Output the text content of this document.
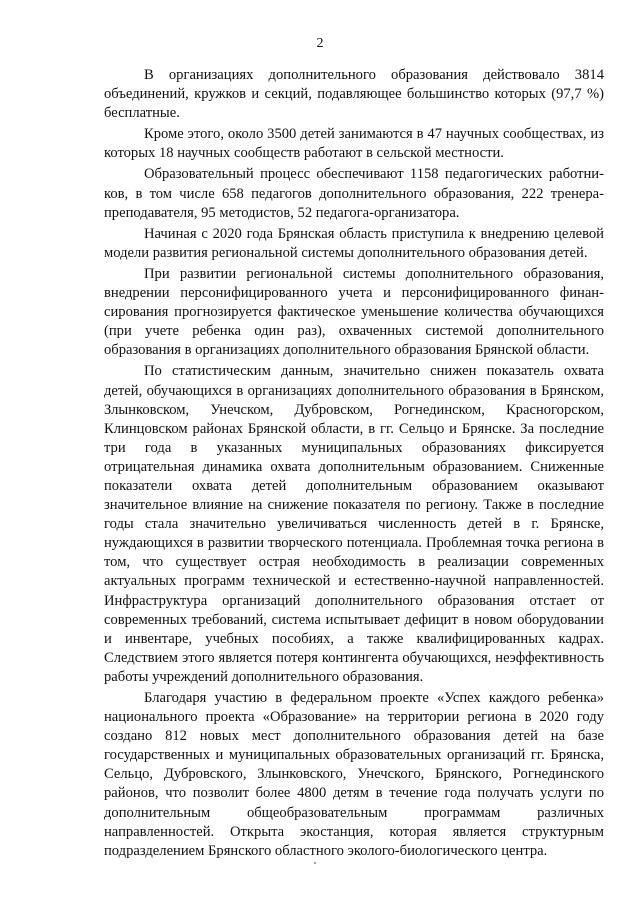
2

В организациях дополнительного образования действовало 3814 объединений, кружков и секций, подавляющее большинство которых (97,7 %) бесплатные.

Кроме этого, около 3500 детей занимаются в 47 научных сообществах, из которых 18 научных сообществ работают в сельской местности.

Образовательный процесс обеспечивают 1158 педагогических работников, в том числе 658 педагогов дополнительного образования, 222 тренера-преподавателя, 95 методистов, 52 педагога-организатора.

Начиная с 2020 года Брянская область приступила к внедрению целевой модели развития региональной системы дополнительного образования детей.

При развитии региональной системы дополнительного образования, внедрении персонифицированного учета и персонифицированного финансирования прогнозируется фактическое уменьшение количества обучающихся (при учете ребенка один раз), охваченных системой дополнительного образования в организациях дополнительного образования Брянской области.

По статистическим данным, значительно снижен показатель охвата детей, обучающихся в организациях дополнительного образования в Брянском, Злынковском, Унечском, Дубровском, Рогнединском, Красногорском, Клинцовском районах Брянской области, в гг. Сельцо и Брянске. За последние три года в указанных муниципальных образованиях фиксируется отрицательная динамика охвата дополнительным образованием. Сниженные показатели охвата детей дополнительным образованием оказывают значительное влияние на снижение показателя по региону. Также в последние годы стала значительно увеличиваться численность детей в г. Брянске, нуждающихся в развитии творческого потенциала. Проблемная точка региона в том, что существует острая необходимость в реализации современных актуальных программ технической и естественно-научной направленностей. Инфраструктура организаций дополнительного образования отстает от современных требований, система испытывает дефицит в новом оборудовании и инвентаре, учебных пособиях, а также квалифицированных кадрах. Следствием этого является потеря контингента обучающихся, неэффективность работы учреждений дополнительного образования.

Благодаря участию в федеральном проекте «Успех каждого ребенка» национального проекта «Образование» на территории региона в 2020 году создано 812 новых мест дополнительного образования детей на базе государственных и муниципальных образовательных организаций гг. Брянска, Сельцо, Дубровского, Злынковского, Унечского, Брянского, Рогнединского районов, что позволит более 4800 детям в течение года получать услуги по дополнительным общеобразовательным программам различных направленностей. Открыта экостанция, которая является структурным подразделением Брянского областного эколого-биологического центра.
